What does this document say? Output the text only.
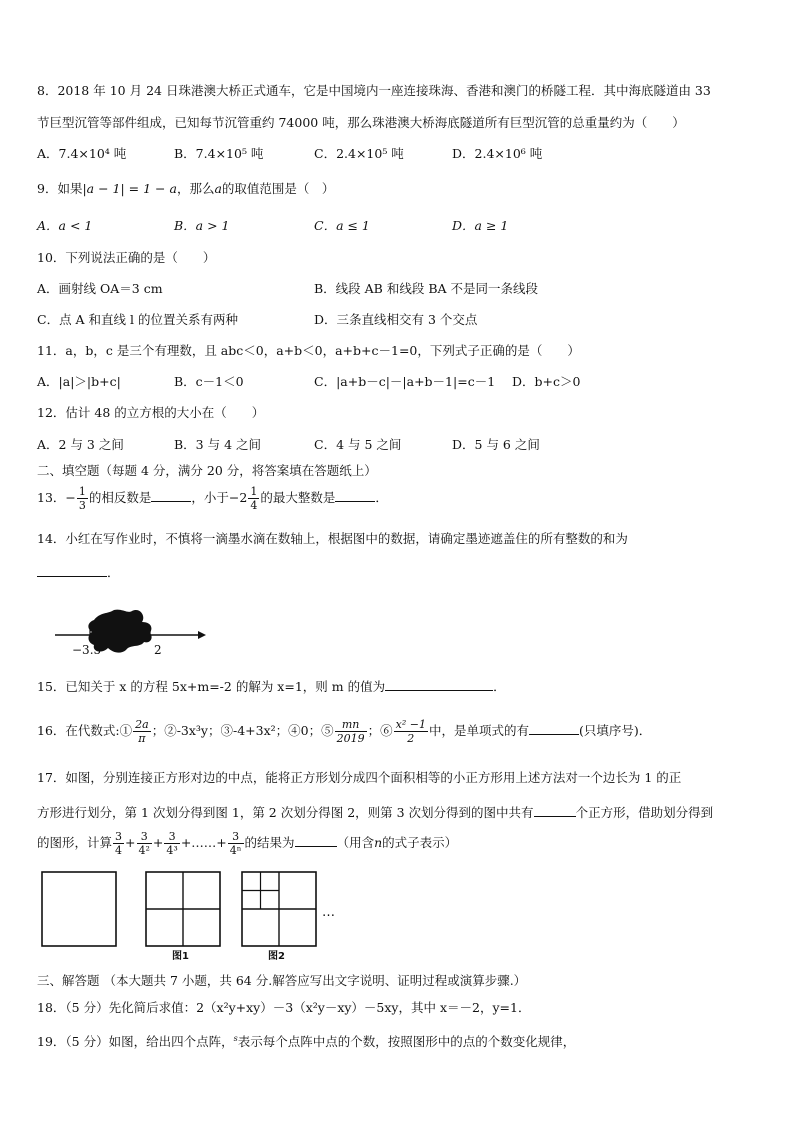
8．2018 年 10 月 24 日珠港澳大桥正式通车，它是中国境内一座连接珠海、香港和澳门的桥隧工程．其中海底隧道由 33
节巨型沉管等部件组成，已知每节沉管重约 74000 吨，那么珠港澳大桥海底隧道所有巨型沉管的总重量约为（　　）
A．7.4×10⁴ 吨	B．7.4×10⁵ 吨	C．2.4×10⁵ 吨	D．2.4×10⁶ 吨
9．如果|a − 1| = 1 − a，那么a的取值范围是（　）
A．a < 1	B．a > 1	C．a ≤ 1	D．a ≥ 1
10．下列说法正确的是（　　）
A．画射线 OA＝3 cm	B．线段 AB 和线段 BA 不是同一条线段
C．点 A 和直线 l 的位置关系有两种	D．三条直线相交有 3 个交点
11．a，b，c 是三个有理数，且 abc＜0，a+b＜0，a+b+c－1=0，下列式子正确的是（　　）
A．|a|＞|b+c|	B．c－1＜0	C．|a+b－c|－|a+b－1|=c－1 D．b+c＞0
12．估计 48 的立方根的大小在（　　）
A．2 与 3 之间	B．3 与 4 之间	C．4 与 5 之间	D．5 与 6 之间
二、填空题（每题 4 分，满分 20 分，将答案填在答题纸上）
13．− $\frac{1}{3}$ 的相反数是	，小于$-2 \frac{1}{4}$ 的最大整数是	．
14．小红在写作业时，不慎将一滴墨水滴在数轴上，根据图中的数据，请确定墨迹遮盖住的所有整数的和为
．
−3.5	2
15．已知关于 x 的方程 5x+m=-2 的解为 x=1，则 m 的值为	．
16．在代数式:① $\frac{2a}{\pi}$ ；②-3x³y；③-4+3x²；④0；⑤ $\frac{mn}{2019}$ ；⑥ $\frac{\text{x² −1}}{2}$ 中，是单项式的有	(只填序号)．
17．如图，分别连接正方形对边的中点，能将正方形划分成四个面积相等的小正方形用上述方法对一个边长为 1 的正
方形进行划分，第 1 次划分得到图 1，第 2 次划分得图 2，则第 3 次划分得到的图中共有	个正方形，借助划分得到
的图形，计算 $\frac{3}{4} + \frac{3}{\text{4²}} + \frac{3}{\text{4³}}$ +……+ $\frac{3}{\text{4ⁿ}}$ 的结果为	（用含n的式子表示）
图1	图2
…
三、解答题 （本大题共 7 小题，共 64 分.解答应写出文字说明、证明过程或演算步骤.）
18．（5 分）先化简后求值：2（x²y+xy）－3（x²y－xy）－5xy，其中 x＝－2，y=1．
19．（5 分）如图，给出四个点阵，$^s$表示每个点阵中点的个数，按照图形中的点的个数变化规律，
